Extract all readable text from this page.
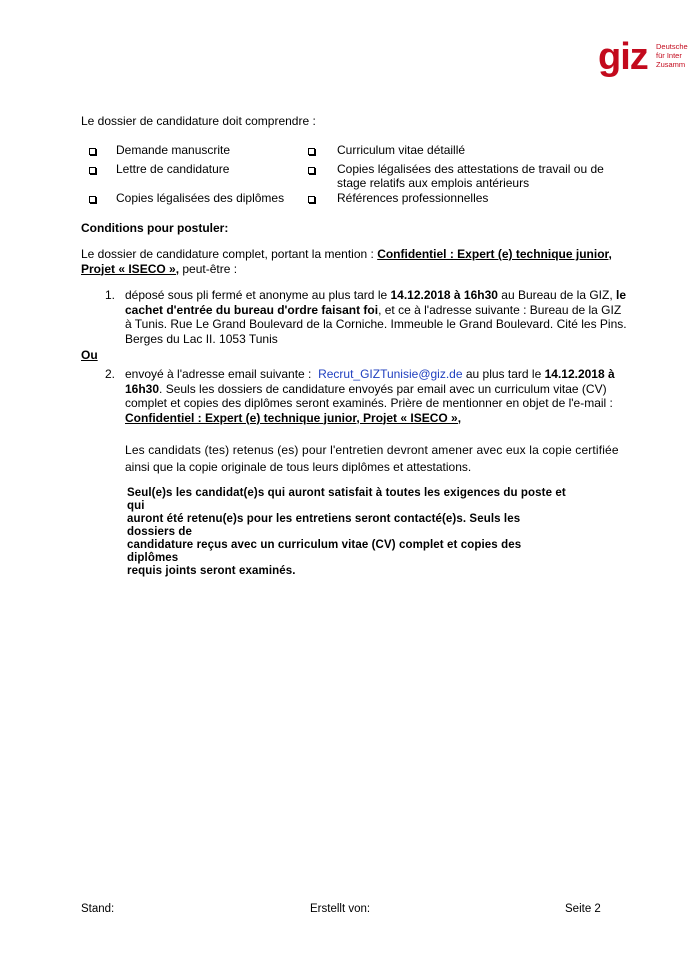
giz Deutsche
für Inter
Zusamm
Le dossier de candidature doit comprendre :
Demande manuscrite
Lettre de candidature
Copies légalisées des diplômes
Curriculum vitae détaillé
Copies légalisées des attestations de travail ou de
stage relatifs aux emplois antérieurs
Références professionnelles
Conditions pour postuler:
Le dossier de candidature complet, portant la mention : Confidentiel : Expert (e) technique junior,
Projet « ISECO », peut-être :
1. déposé sous pli fermé et anonyme au plus tard le 14.12.2018 à 16h30 au Bureau de la GIZ, le
cachet d'entrée du bureau d'ordre faisant foi , et ce à l'adresse suivante : Bureau de la GIZ
à Tunis. Rue Le Grand Boulevard de la Corniche. Immeuble le Grand Boulevard. Cité les Pins.
Berges du Lac II. 1053 Tunis
Ou
2. envoyé à l'adresse email suivante :  Recrut_GIZTunisie@giz.de au plus tard le 14.12.2018 à
16h30 . Seuls les dossiers de candidature envoyés par email avec un curriculum vitae (CV)
complet et copies des diplômes seront examinés. Prière de mentionner en objet de l'e-mail :
Confidentiel : Expert (e) technique junior, Projet « ISECO »,
Les candidats (tes) retenus (es) pour l'entretien devront amener avec eux la copie certifiée
ainsi que la copie originale de tous leurs diplômes et attestations.
Seul(e)s les candidat(e)s qui auront satisfait à toutes les exigences du poste et qui
auront été retenu(e)s pour les entretiens seront contacté(e)s. Seuls les dossiers de
candidature reçus avec un curriculum vitae (CV) complet et copies des diplômes
requis joints seront examinés.
Stand:	Erstellt von:	Seite 2
